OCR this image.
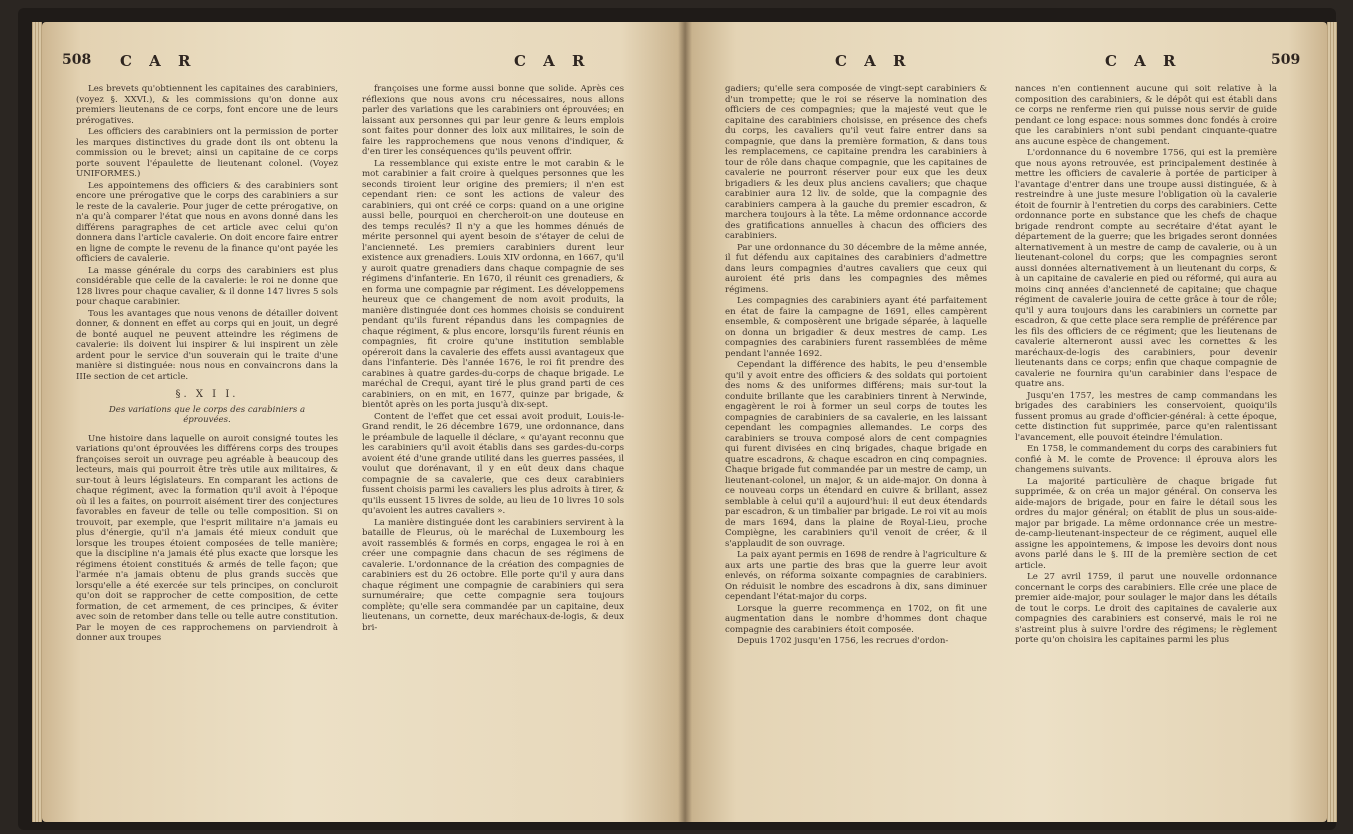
508 C A R	C A R

Les brevets qu'obtiennent les capitaines des carabiniers, (voyez §. XXVI.), & les commissions qu'on donne aux premiers lieutenans de ce corps, font encore une de leurs prérogatives.

Les officiers des carabiniers ont la permission de porter les marques distinctives du grade dont ils ont obtenu la commission ou le brevet; ainsi un capitaine de ce corps porte souvent l'épaulette de lieutenant colonel. (Voyez UNIFORMES.)

Les appointemens des officiers & des carabiniers sont encore une prérogative que le corps des carabiniers a sur le reste de la cavalerie. Pour juger de cette prérogative, on n'a qu'à comparer l'état que nous en avons donné dans les différens paragraphes de cet article avec celui qu'on donnera dans l'article cavalerie. On doit encore faire entrer en ligne de compte le revenu de la finance qu'ont payée les officiers de cavalerie.

La masse générale du corps des carabiniers est plus considérable que celle de la cavalerie: le roi ne donne que 128 livres pour chaque cavalier, & il donne 147 livres 5 sols pour chaque carabinier.

Tous les avantages que nous venons de détailler doivent donner, & donnent en effet au corps qui en jouit, un degré de bonté auquel ne peuvent atteindre les régimens de cavalerie: ils doivent lui inspirer & lui inspirent un zèle ardent pour le service d'un souverain qui le traite d'une manière si distinguée: nous nous en convaincrons dans la IIIe section de cet article.

§. X I I.

Des variations que le corps des carabiniers a éprouvées.

Une histoire dans laquelle on auroit consigné toutes les variations qu'ont éprouvées les différens corps des troupes françoises seroit un ouvrage peu agréable à beaucoup des lecteurs, mais qui pourroit être très utile aux militaires, & sur-tout à leurs législateurs. En comparant les actions de chaque régiment, avec la formation qu'il avoit à l'époque où il les a faites, on pourroit aisément tirer des conjectures favorables en faveur de telle ou telle composition. Si on trouvoit, par exemple, que l'esprit militaire n'a jamais eu plus d'énergie, qu'il n'a jamais été mieux conduit que lorsque les troupes étoient composées de telle manière; que la discipline n'a jamais été plus exacte que lorsque les régimens étoient constitués & armés de telle façon; que l'armée n'a jamais obtenu de plus grands succès que lorsqu'elle a été exercée sur tels principes, on concluroit qu'on doit se rapprocher de cette composition, de cette formation, de cet armement, de ces principes, & éviter avec soin de retomber dans telle ou telle autre constitution. Par le moyen de ces rapprochemens on parviendroit à donner aux troupes

françoises une forme aussi bonne que solide. Après ces réflexions que nous avons cru nécessaires, nous allons parler des variations que les carabiniers ont éprouvées; en laissant aux personnes qui par leur genre & leurs emplois sont faites pour donner des loix aux militaires, le soin de faire les rapprochemens que nous venons d'indiquer, & d'en tirer les conséquences qu'ils peuvent offrir.

La ressemblance qui existe entre le mot carabin & le mot carabinier a fait croire à quelques personnes que les seconds tiroient leur origine des premiers; il n'en est cependant rien: ce sont les actions de valeur des carabiniers, qui ont créé ce corps: quand on a une origine aussi belle, pourquoi en chercheroit-on une douteuse en des temps reculés? Il n'y a que les hommes dénués de mérite personnel qui ayent besoin de s'étayer de celui de l'ancienneté. Les premiers carabiniers durent leur existence aux grenadiers. Louis XIV ordonna, en 1667, qu'il y auroit quatre grenadiers dans chaque compagnie de ses régimens d'infanterie. En 1670, il réunit ces grenadiers, & en forma une compagnie par régiment. Les développemens heureux que ce changement de nom avoit produits, la manière distinguée dont ces hommes choisis se conduirent pendant qu'ils furent répandus dans les compagnies de chaque régiment, & plus encore, lorsqu'ils furent réunis en compagnies, fit croire qu'une institution semblable opéreroit dans la cavalerie des effets aussi avantageux que dans l'infanterie. Dès l'année 1676, le roi fit prendre des carabines à quatre gardes-du-corps de chaque brigade. Le maréchal de Crequi, ayant tiré le plus grand parti de ces carabiniers, on en mit, en 1677, quinze par brigade, & bientôt après on les porta jusqu'à dix-sept.

Content de l'effet que cet essai avoit produit, Louis-le-Grand rendit, le 26 décembre 1679, une ordonnance, dans le préambule de laquelle il déclare, « qu'ayant reconnu que les carabiniers qu'il avoit établis dans ses gardes-du-corps avoient été d'une grande utilité dans les guerres passées, il voulut que dorénavant, il y en eût deux dans chaque compagnie de sa cavalerie, que ces deux carabiniers fussent choisis parmi les cavaliers les plus adroits à tirer, & qu'ils eussent 15 livres de solde, au lieu de 10 livres 10 sols qu'avoient les autres cavaliers ».

La manière distinguée dont les carabiniers servirent à la bataille de Fleurus, où le maréchal de Luxembourg les avoit rassemblés & formés en corps, engagea le roi à en créer une compagnie dans chacun de ses régimens de cavalerie. L'ordonnance de la création des compagnies de carabiniers est du 26 octobre. Elle porte qu'il y aura dans chaque régiment une compagnie de carabiniers qui sera surnuméraire; que cette compagnie sera toujours complète; qu'elle sera commandée par un capitaine, deux lieutenans, un cornette, deux maréchaux-de-logis, & deux bri-

C A R	C A R	509

gadiers; qu'elle sera composée de vingt-sept carabiniers & d'un trompette; que le roi se réserve la nomination des officiers de ces compagnies; que la majesté veut que le capitaine des carabiniers choisisse, en présence des chefs du corps, les cavaliers qu'il veut faire entrer dans sa compagnie, que dans la première formation, & dans tous les remplacemens, ce capitaine prendra les carabiniers à tour de rôle dans chaque compagnie, que les capitaines de cavalerie ne pourront réserver pour eux que les deux brigadiers & les deux plus anciens cavaliers; que chaque carabinier aura 12 liv. de solde, que la compagnie des carabiniers campera à la gauche du premier escadron, & marchera toujours à la tête. La même ordonnance accorde des gratifications annuelles à chacun des officiers des carabiniers.

Par une ordonnance du 30 décembre de la même année, il fut défendu aux capitaines des carabiniers d'admettre dans leurs compagnies d'autres cavaliers que ceux qui auroient été pris dans les compagnies des mêmes régimens.

Les compagnies des carabiniers ayant été parfaitement en état de faire la campagne de 1691, elles campèrent ensemble, & composèrent une brigade séparée, à laquelle on donna un brigadier & deux mestres de camp. Les compagnies des carabiniers furent rassemblées de même pendant l'année 1692.

Cependant la différence des habits, le peu d'ensemble qu'il y avoit entre des officiers & des soldats qui portoient des noms & des uniformes différens; mais sur-tout la conduite brillante que les carabiniers tinrent à Nerwinde, engagèrent le roi à former un seul corps de toutes les compagnies de carabiniers de sa cavalerie, en les laissant cependant les compagnies allemandes. Le corps des carabiniers se trouva composé alors de cent compagnies qui furent divisées en cinq brigades, chaque brigade en quatre escadrons, & chaque escadron en cinq compagnies. Chaque brigade fut commandée par un mestre de camp, un lieutenant-colonel, un major, & un aide-major. On donna à ce nouveau corps un étendard en cuivre & brillant, assez semblable à celui qu'il a aujourd'hui: il eut deux étendards par escadron, & un timbalier par brigade. Le roi vit au mois de mars 1694, dans la plaine de Royal-Lieu, proche Compiègne, les carabiniers qu'il venoit de créer, & il s'applaudit de son ouvrage.

La paix ayant permis en 1698 de rendre à l'agriculture & aux arts une partie des bras que la guerre leur avoit enlevés, on réforma soixante compagnies de carabiniers. On réduisit le nombre des escadrons à dix, sans diminuer cependant l'état-major du corps.

Lorsque la guerre recommença en 1702, on fit une augmentation dans le nombre d'hommes dont chaque compagnie des carabiniers étoit composée.

Depuis 1702 jusqu'en 1756, les recrues d'ordon-

nances n'en contiennent aucune qui soit relative à la composition des carabiniers, & le dépôt qui est établi dans ce corps ne renferme rien qui puisse nous servir de guide pendant ce long espace: nous sommes donc fondés à croire que les carabiniers n'ont subi pendant cinquante-quatre ans aucune espèce de changement.

L'ordonnance du 6 novembre 1756, qui est la première que nous ayons retrouvée, est principalement destinée à mettre les officiers de cavalerie à portée de participer à l'avantage d'entrer dans une troupe aussi distinguée, & à restreindre à une juste mesure l'obligation où la cavalerie étoit de fournir à l'entretien du corps des carabiniers. Cette ordonnance porte en substance que les chefs de chaque brigade rendront compte au secrétaire d'état ayant le département de la guerre; que les brigades seront données alternativement à un mestre de camp de cavalerie, ou à un lieutenant-colonel du corps; que les compagnies seront aussi données alternativement à un lieutenant du corps, & à un capitaine de cavalerie en pied ou réformé, qui aura au moins cinq années d'ancienneté de capitaine; que chaque régiment de cavalerie jouira de cette grâce à tour de rôle; qu'il y aura toujours dans les carabiniers un cornette par escadron, & que cette place sera remplie de préférence par les fils des officiers de ce régiment; que les lieutenans de cavalerie alterneront aussi avec les cornettes & les maréchaux-de-logis des carabiniers, pour devenir lieutenants dans ce corps; enfin que chaque compagnie de cavalerie ne fournira qu'un carabinier dans l'espace de quatre ans.

Jusqu'en 1757, les mestres de camp commandans les brigades des carabiniers les conservoient, quoiqu'ils fussent promus au grade d'officier-général: à cette époque, cette distinction fut supprimée, parce qu'en ralentissant l'avancement, elle pouvoit éteindre l'émulation.

En 1758, le commandement du corps des carabiniers fut confié à M. le comte de Provence: il éprouva alors les changemens suivants.

La majorité particulière de chaque brigade fut supprimée, & on créa un major général. On conserva les aide-majors de brigade, pour en faire le détail sous les ordres du major général; on établit de plus un sous-aide-major par brigade. La même ordonnance crée un mestre-de-camp-lieutenant-inspecteur de ce régiment, auquel elle assigne les appointemens, & impose les devoirs dont nous avons parlé dans le §. III de la première section de cet article.

Le 27 avril 1759, il parut une nouvelle ordonnance concernant le corps des carabiniers. Elle crée une place de premier aide-major, pour soulager le major dans les détails de tout le corps. Le droit des capitaines de cavalerie aux compagnies des carabiniers est conservé, mais le roi ne s'astreint plus à suivre l'ordre des régimens; le règlement porte qu'on choisira les capitaines parmi les plus
